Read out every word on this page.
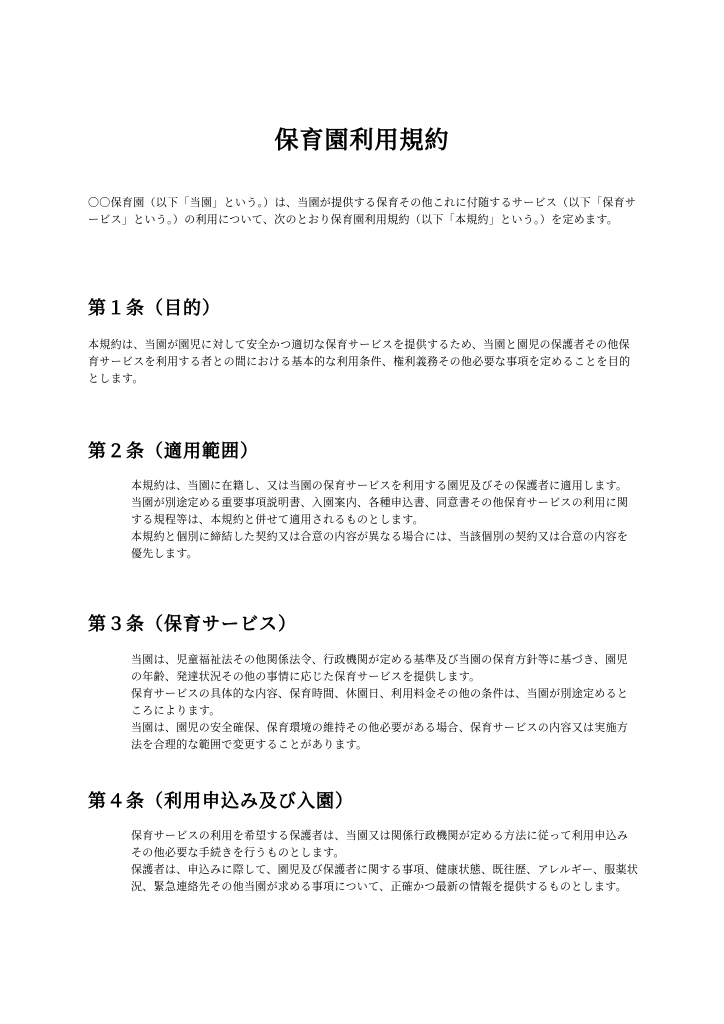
保育園利用規約
〇〇保育園（以下「当園」という。）は、当園が提供する保育その他これに付随するサービス（以下「保育サービス」という。）の利用について、次のとおり保育園利用規約（以下「本規約」という。）を定めます。
第１条（目的）

本規約は、当園が園児に対して安全かつ適切な保育サービスを提供するため、当園と園児の保護者その他保育サービスを利用する者との間における基本的な利用条件、権利義務その他必要な事項を定めることを目的とします。

第２条（適用範囲）

本規約は、当園に在籍し、又は当園の保育サービスを利用する園児及びその保護者に適用します。

当園が別途定める重要事項説明書、入園案内、各種申込書、同意書その他保育サービスの利用に関する規程等は、本規約と併せて適用されるものとします。

本規約と個別に締結した契約又は合意の内容が異なる場合には、当該個別の契約又は合意の内容を優先します。

第３条（保育サービス）

当園は、児童福祉法その他関係法令、行政機関が定める基準及び当園の保育方針等に基づき、園児の年齢、発達状況その他の事情に応じた保育サービスを提供します。

保育サービスの具体的な内容、保育時間、休園日、利用料金その他の条件は、当園が別途定めるところによります。

当園は、園児の安全確保、保育環境の維持その他必要がある場合、保育サービスの内容又は実施方法を合理的な範囲で変更することがあります。

第４条（利用申込み及び入園）

保育サービスの利用を希望する保護者は、当園又は関係行政機関が定める方法に従って利用申込みその他必要な手続きを行うものとします。

保護者は、申込みに際して、園児及び保護者に関する事項、健康状態、既往歴、アレルギー、服薬状況、緊急連絡先その他当園が求める事項について、正確かつ最新の情報を提供するものとします。
